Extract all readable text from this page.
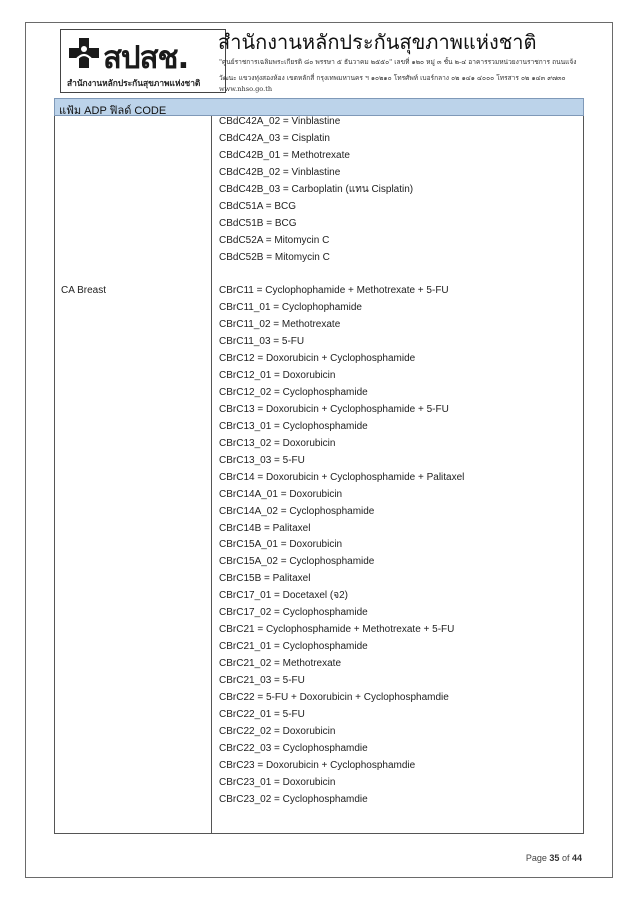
สปสช.
สำนักงานหลักประกันสุขภาพแห่งชาติ
สำนักงานหลักประกันสุขภาพแห่งชาติ
"ศูนย์ราชการเฉลิมพระเกียรติ ๘๐ พรรษา ๕ ธันวาคม ๒๕๕๐" เลขที่ ๑๒๐ หมู่ ๓ ชั้น ๒-๔ อาคารรวมหน่วยงานราชการ ถนนแจ้ง
วัฒนะ แขวงทุ่งสองห้อง เขตหลักสี่ กรุงเทพมหานคร ฯ ๑๐๒๑๐ โทรศัพท์ เบอร์กลาง ๐๒ ๑๔๑ ๔๐๐๐ โทรสาร ๐๒ ๑๔๓ ๙๗๓๐
www.nhso.go.th
แฟ้ม ADP ฟิลด์ CODE
CA Breast
CBdC42A_02 = Vinblastine
CBdC42A_03 = Cisplatin
CBdC42B_01 = Methotrexate
CBdC42B_02 = Vinblastine
CBdC42B_03 = Carboplatin (แทน Cisplatin)
CBdC51A = BCG
CBdC51B = BCG
CBdC52A = Mitomycin C
CBdC52B = Mitomycin C

CBrC11 = Cyclophophamide + Methotrexate + 5-FU
CBrC11_01 = Cyclophophamide
CBrC11_02 = Methotrexate
CBrC11_03 = 5-FU
CBrC12 = Doxorubicin + Cyclophosphamide
CBrC12_01 = Doxorubicin
CBrC12_02 = Cyclophosphamide
CBrC13 = Doxorubicin + Cyclophosphamide + 5-FU
CBrC13_01 = Cyclophosphamide
CBrC13_02 = Doxorubicin
CBrC13_03 = 5-FU
CBrC14 = Doxorubicin + Cyclophosphamide + Palitaxel
CBrC14A_01 = Doxorubicin
CBrC14A_02 = Cyclophosphamide
CBrC14B = Palitaxel
CBrC15A_01 = Doxorubicin
CBrC15A_02 = Cyclophosphamide
CBrC15B = Palitaxel
CBrC17_01 = Docetaxel (จ2)
CBrC17_02 = Cyclophosphamide
CBrC21 = Cyclophosphamide + Methotrexate + 5-FU
CBrC21_01 = Cyclophosphamide
CBrC21_02 = Methotrexate
CBrC21_03 = 5-FU
CBrC22 = 5-FU + Doxorubicin + Cyclophosphamdie
CBrC22_01 = 5-FU
CBrC22_02 = Doxorubicin
CBrC22_03 = Cyclophosphamdie
CBrC23 = Doxorubicin + Cyclophosphamdie
CBrC23_01 = Doxorubicin
CBrC23_02 = Cyclophosphamdie
Page 35 of 44
